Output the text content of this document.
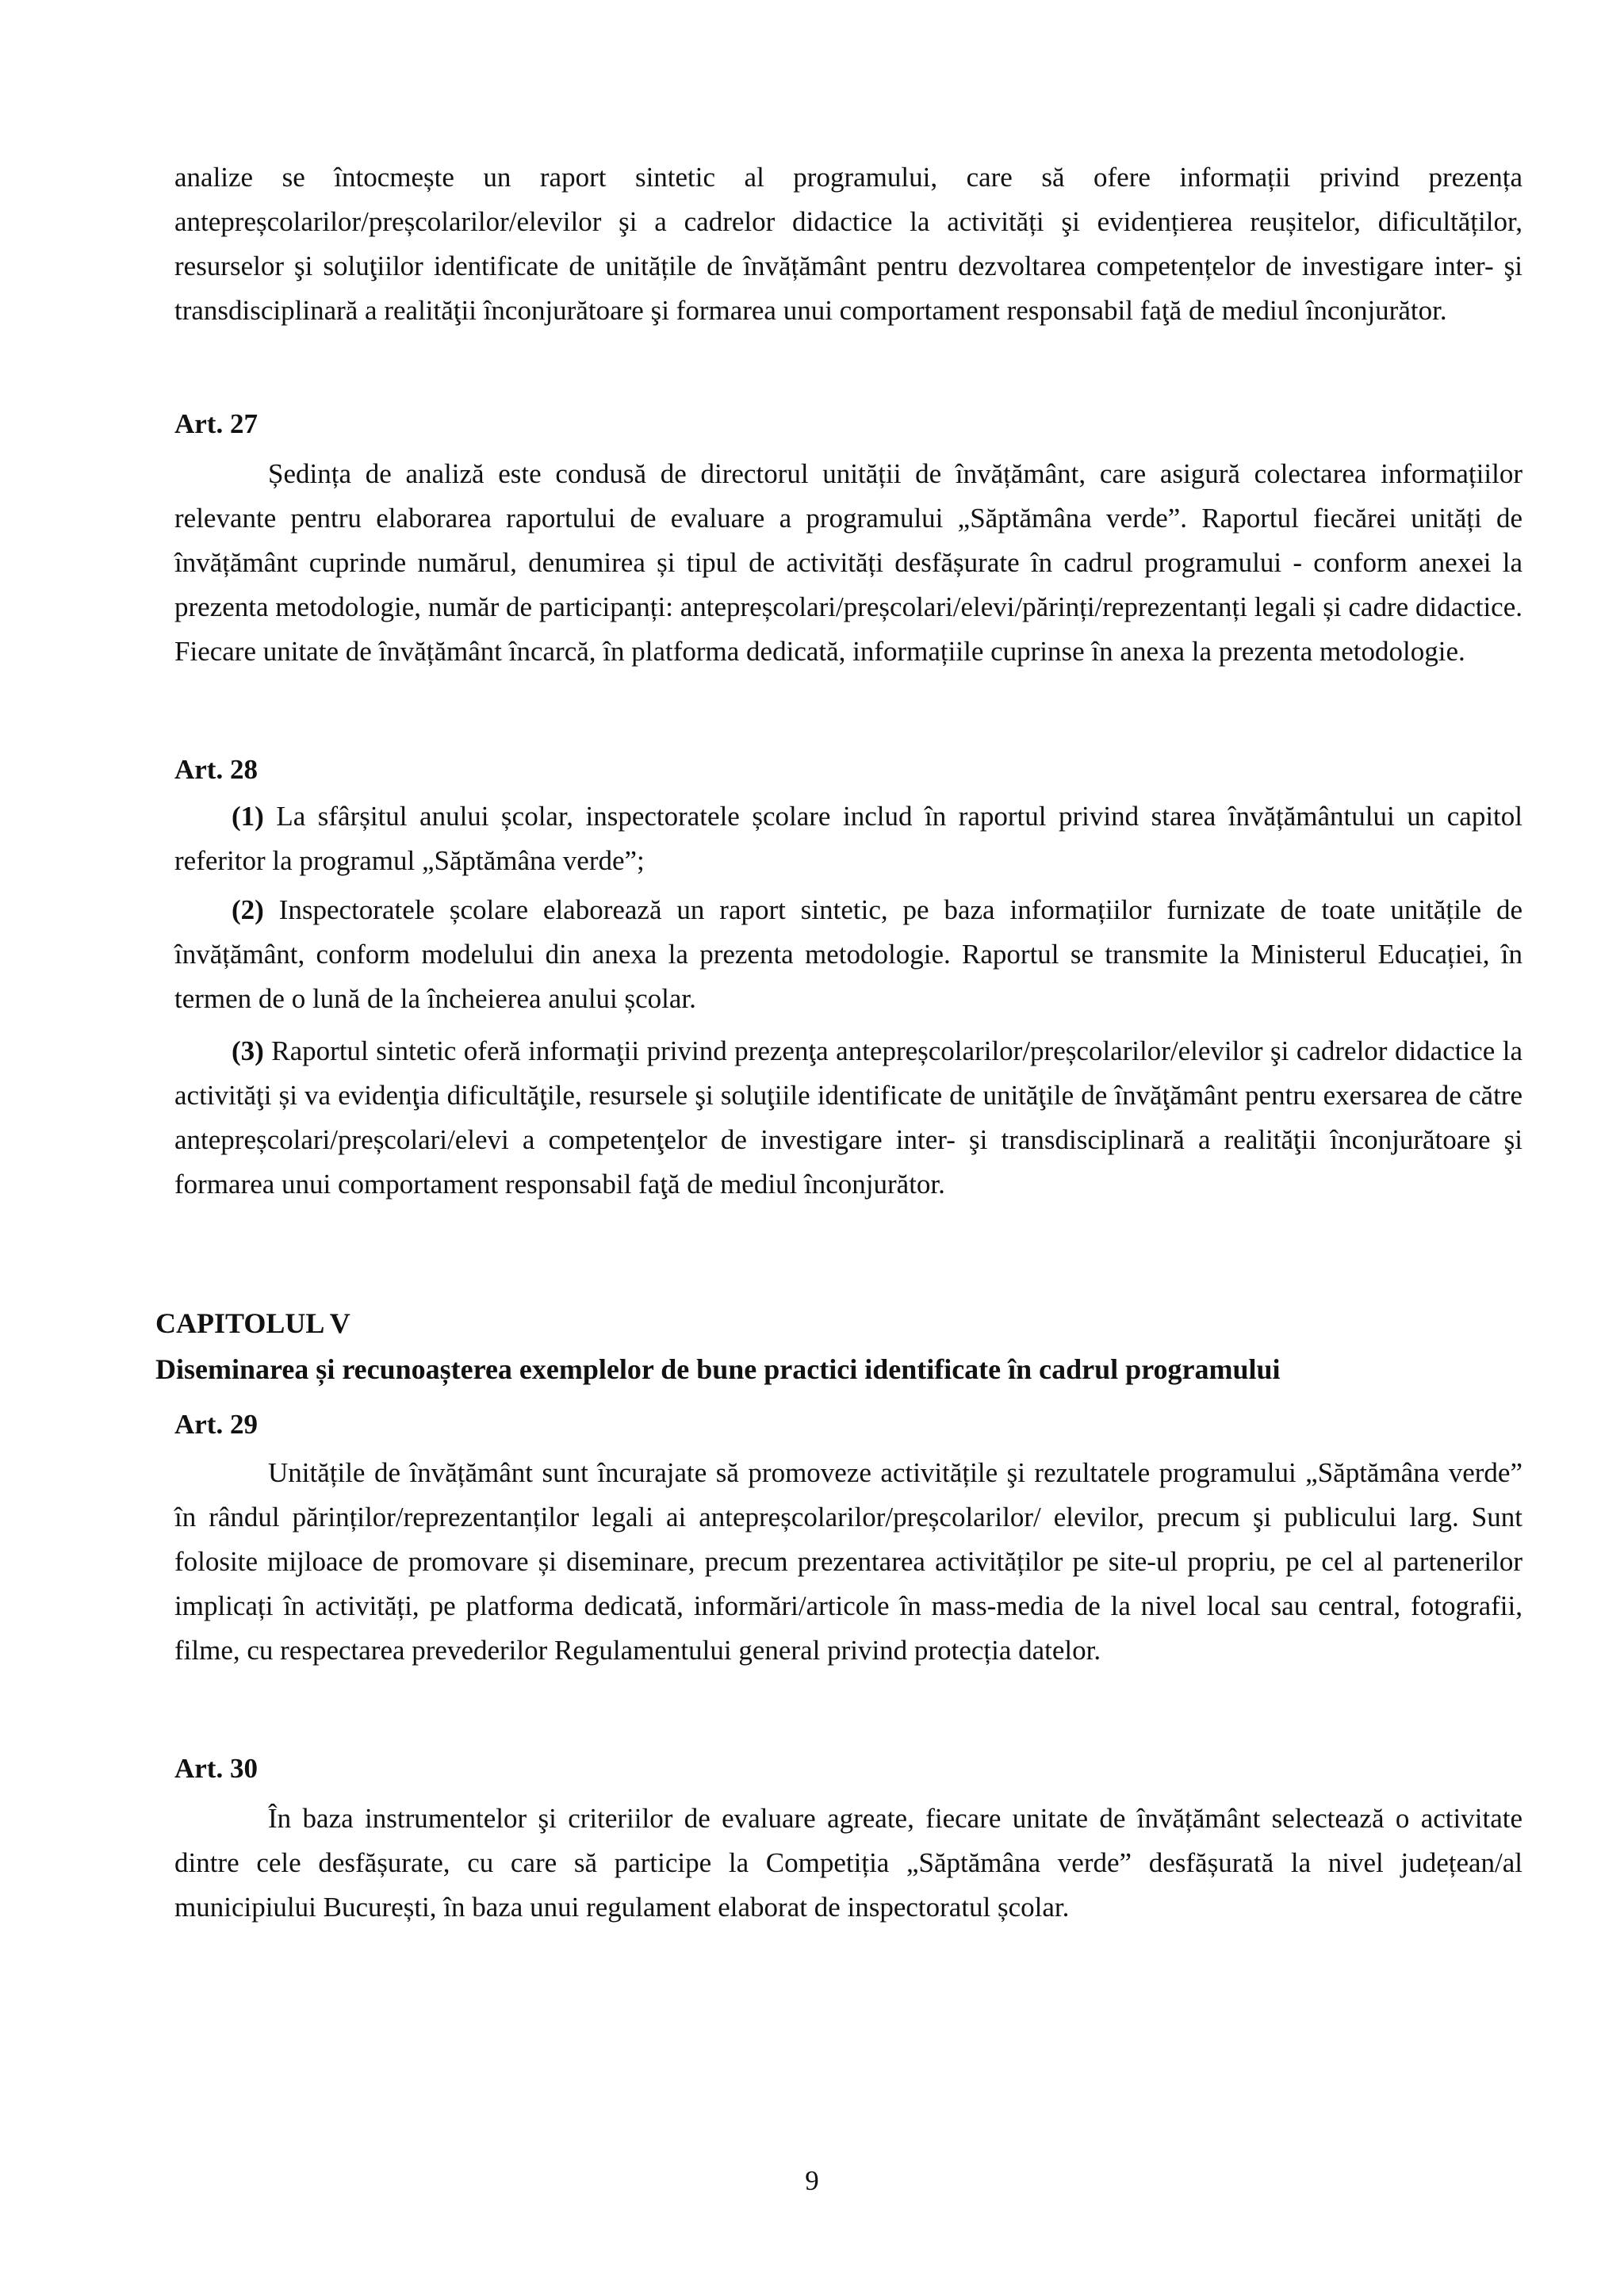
analize se întocmește un raport sintetic al programului, care să ofere informații privind prezența antepreșcolarilor/preșcolarilor/elevilor şi a cadrelor didactice la activități şi evidențierea reușitelor, dificultăților, resurselor şi soluţiilor identificate de unitățile de învățământ pentru dezvoltarea competențelor de investigare inter- şi transdisciplinară a realităţii înconjurătoare şi formarea unui comportament responsabil faţă de mediul înconjurător.

Art. 27

Ședința de analiză este condusă de directorul unității de învățământ, care asigură colectarea informațiilor relevante pentru elaborarea raportului de evaluare a programului „Săptămâna verde”. Raportul fiecărei unități de învățământ cuprinde numărul, denumirea și tipul de activități desfășurate în cadrul programului - conform anexei la prezenta metodologie, număr de participanți: antepreșcolari/preșcolari/elevi/părinți/reprezentanți legali și cadre didactice. Fiecare unitate de învățământ încarcă, în platforma dedicată, informațiile cuprinse în anexa la prezenta metodologie.

Art. 28

(1) La sfârșitul anului școlar, inspectoratele școlare includ în raportul privind starea învățământului un capitol referitor la programul „Săptămâna verde”;

(2) Inspectoratele școlare elaborează un raport sintetic, pe baza informațiilor furnizate de toate unitățile de învățământ, conform modelului din anexa la prezenta metodologie. Raportul se transmite la Ministerul Educației, în termen de o lună de la încheierea anului școlar.

(3) Raportul sintetic oferă informaţii privind prezenţa antepreșcolarilor/preșcolarilor/elevilor şi cadrelor didactice la activităţi și va evidenţia dificultăţile, resursele şi soluţiile identificate de unităţile de învăţământ pentru exersarea de către antepreșcolari/preșcolari/elevi a competenţelor de investigare inter- şi transdisciplinară a realităţii înconjurătoare şi formarea unui comportament responsabil faţă de mediul înconjurător.

CAPITOLUL V

Diseminarea și recunoașterea exemplelor de bune practici identificate în cadrul programului

Art. 29

Unitățile de învățământ sunt încurajate să promoveze activitățile şi rezultatele programului „Săptămâna verde” în rândul părinților/reprezentanților legali ai antepreșcolarilor/preșcolarilor/ elevilor, precum şi publicului larg. Sunt folosite mijloace de promovare și diseminare, precum prezentarea activităților pe site-ul propriu, pe cel al partenerilor implicați în activități, pe platforma dedicată, informări/articole în mass-media de la nivel local sau central, fotografii, filme, cu respectarea prevederilor Regulamentului general privind protecția datelor.

Art. 30

În baza instrumentelor şi criteriilor de evaluare agreate, fiecare unitate de învățământ selectează o activitate dintre cele desfășurate, cu care să participe la Competiția „Săptămâna verde” desfășurată la nivel județean/al municipiului București, în baza unui regulament elaborat de inspectoratul școlar.

9
